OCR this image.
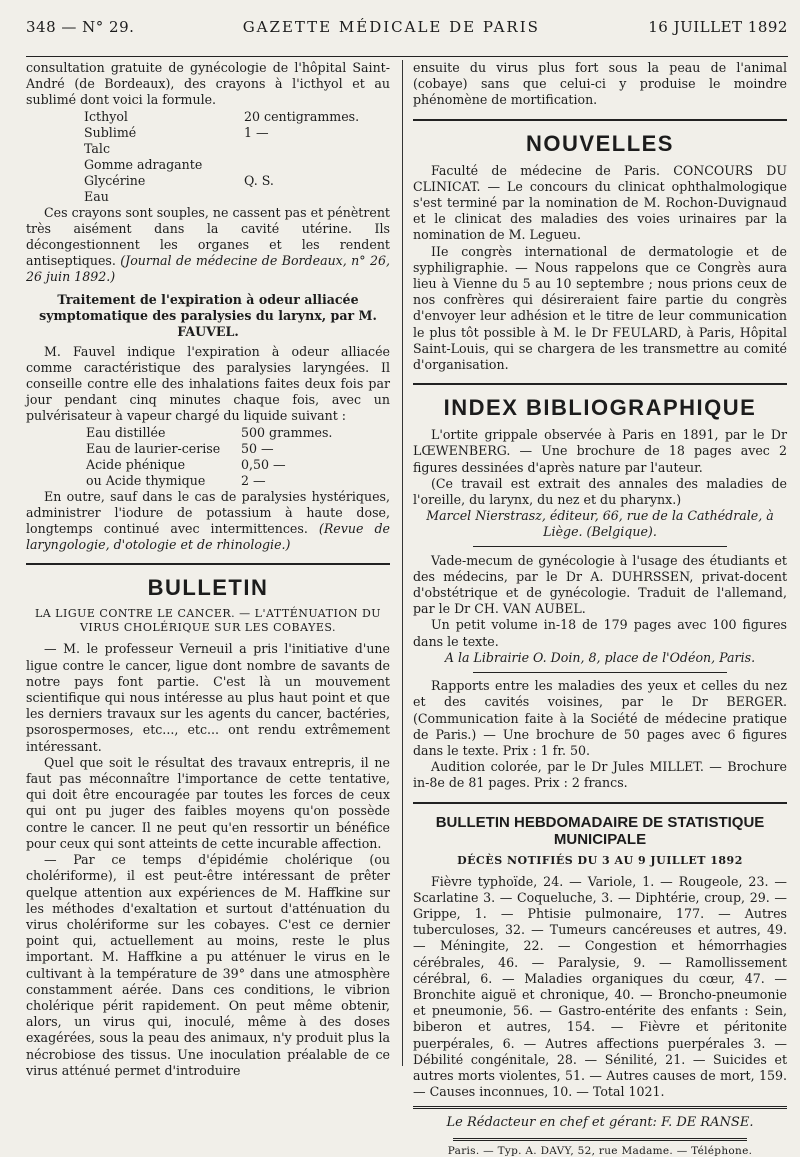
348 — N° 29.	GAZETTE MÉDICALE DE PARIS	16 JUILLET 1892

consultation gratuite de gynécologie de l'hôpital Saint-André (de Bordeaux), des crayons à l'icthyol et au sublimé dont voici la formule.

Icthyol	20 centigrammes.
Sublimé	1 —
Talc
Gomme adragante
Glycérine	Q. S.
Eau

Ces crayons sont souples, ne cassent pas et pénètrent très aisément dans la cavité utérine. Ils décongestionnent les organes et les rendent antiseptiques. (Journal de médecine de Bordeaux, n° 26, 26 juin 1892.)

Traitement de l'expiration à odeur alliacée symptomatique des paralysies du larynx, par M. FAUVEL.

M. Fauvel indique l'expiration à odeur alliacée comme caractéristique des paralysies laryngées. Il conseille contre elle des inhalations faites deux fois par jour pendant cinq minutes chaque fois, avec un pulvérisateur à vapeur chargé du liquide suivant :

Eau distillée	500 grammes.
Eau de laurier-cerise	50 —
Acide phénique	0,50 —
ou Acide thymique	2 —

En outre, sauf dans le cas de paralysies hystériques, administrer l'iodure de potassium à haute dose, longtemps continué avec intermittences. (Revue de laryngologie, d'otologie et de rhinologie.)

BULLETIN
LA LIGUE CONTRE LE CANCER. — L'ATTÉNUATION DU VIRUS CHOLÉRIQUE SUR LES COBAYES.

— M. le professeur Verneuil a pris l'initiative d'une ligue contre le cancer, ligue dont nombre de savants de notre pays font partie. C'est là un mouvement scientifique qui nous intéresse au plus haut point et que les derniers travaux sur les agents du cancer, bactéries, psorospermoses, etc..., etc... ont rendu extrêmement intéressant.

Quel que soit le résultat des travaux entrepris, il ne faut pas méconnaître l'importance de cette tentative, qui doit être encouragée par toutes les forces de ceux qui ont pu juger des faibles moyens qu'on possède contre le cancer. Il ne peut qu'en ressortir un bénéfice pour ceux qui sont atteints de cette incurable affection.

— Par ce temps d'épidémie cholérique (ou cholériforme), il est peut-être intéressant de prêter quelque attention aux expériences de M. Haffkine sur les méthodes d'exaltation et surtout d'atténuation du virus cholériforme sur les cobayes. C'est ce dernier point qui, actuellement au moins, reste le plus important. M. Haffkine a pu atténuer le virus en le cultivant à la température de 39° dans une atmosphère constamment aérée. Dans ces conditions, le vibrion cholérique périt rapidement. On peut même obtenir, alors, un virus qui, inoculé, même à des doses exagérées, sous la peau des animaux, n'y produit plus la nécrobiose des tissus. Une inoculation préalable de ce virus atténué permet d'introduire

ensuite du virus plus fort sous la peau de l'animal (cobaye) sans que celui-ci y produise le moindre phénomène de mortification.

NOUVELLES

Faculté de médecine de Paris. CONCOURS DU CLINICAT. — Le concours du clinicat ophthalmologique s'est terminé par la nomination de M. Rochon-Duvignaud et le clinicat des maladies des voies urinaires par la nomination de M. Legueu.

IIe congrès international de dermatologie et de syphiligraphie. — Nous rappelons que ce Congrès aura lieu à Vienne du 5 au 10 septembre ; nous prions ceux de nos confrères qui désireraient faire partie du congrès d'envoyer leur adhésion et le titre de leur communication le plus tôt possible à M. le Dr FEULARD, à Paris, Hôpital Saint-Louis, qui se chargera de les transmettre au comité d'organisation.

INDEX BIBLIOGRAPHIQUE

L'ortite grippale observée à Paris en 1891, par le Dr LŒWENBERG. — Une brochure de 18 pages avec 2 figures dessinées d'après nature par l'auteur.

(Ce travail est extrait des annales des maladies de l'oreille, du larynx, du nez et du pharynx.)

Marcel Nierstrasz, éditeur, 66, rue de la Cathédrale, à Liège. (Belgique).

Vade-mecum de gynécologie à l'usage des étudiants et des médecins, par le Dr A. DUHRSSEN, privat-docent d'obstétrique et de gynécologie. Traduit de l'allemand, par le Dr CH. VAN AUBEL.

Un petit volume in-18 de 179 pages avec 100 figures dans le texte.

A la Librairie O. Doin, 8, place de l'Odéon, Paris.

Rapports entre les maladies des yeux et celles du nez et des cavités voisines, par le Dr BERGER. (Communication faite à la Société de médecine pratique de Paris.) — Une brochure de 50 pages avec 6 figures dans le texte. Prix : 1 fr. 50.

Audition colorée, par le Dr Jules MILLET. — Brochure in-8e de 81 pages. Prix : 2 francs.

BULLETIN HEBDOMADAIRE DE STATISTIQUE MUNICIPALE
DÉCÈS NOTIFIÉS DU 3 AU 9 JUILLET 1892

Fièvre typhoïde, 24. — Variole, 1. — Rougeole, 23. — Scarlatine 3. — Coqueluche, 3. — Diphtérie, croup, 29. — Grippe, 1. — Phtisie pulmonaire, 177. — Autres tuberculoses, 32. — Tumeurs cancéreuses et autres, 49. — Méningite, 22. — Congestion et hémorrhagies cérébrales, 46. — Paralysie, 9. — Ramollissement cérébral, 6. — Maladies organiques du cœur, 47. — Bronchite aiguë et chronique, 40. — Broncho-pneumonie et pneumonie, 56. — Gastro-entérite des enfants : Sein, biberon et autres, 154. — Fièvre et péritonite puerpérales, 6. — Autres affections puerpérales 3. — Débilité congénitale, 28. — Sénilité, 21. — Suicides et autres morts violentes, 51. — Autres causes de mort, 159. — Causes inconnues, 10. — Total 1021.

Le Rédacteur en chef et gérant: F. DE RANSE.
Paris. — Typ. A. DAVY, 52, rue Madame. — Téléphone.
